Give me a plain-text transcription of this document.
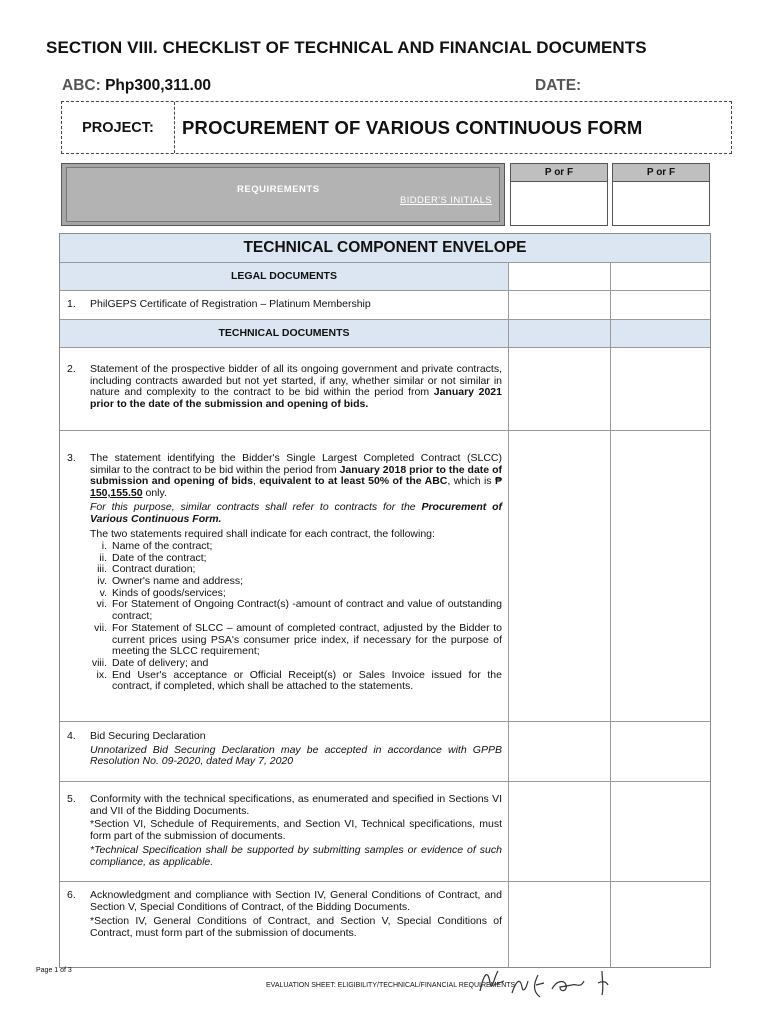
SECTION VIII. CHECKLIST OF TECHNICAL AND FINANCIAL DOCUMENTS
ABC: Php300,311.00	DATE:
PROJECT:	PROCUREMENT OF VARIOUS CONTINUOUS FORM
REQUIREMENTS
BIDDER'S INITIALS
P or F	P or F
TECHNICAL COMPONENT ENVELOPE
LEGAL DOCUMENTS
1. PhilGEPS Certificate of Registration – Platinum Membership
TECHNICAL DOCUMENTS
2. Statement of the prospective bidder of all its ongoing government and private contracts, including contracts awarded but not yet started, if any, whether similar or not similar in nature and complexity to the contract to be bid within the period from January 2021 prior to the date of the submission and opening of bids.
3. The statement identifying the Bidder's Single Largest Completed Contract (SLCC) similar to the contract to be bid within the period from January 2018 prior to the date of submission and opening of bids, equivalent to at least 50% of the ABC, which is ₱ 150,155.50 only.

For this purpose, similar contracts shall refer to contracts for the Procurement of Various Continuous Form.

The two statements required shall indicate for each contract, the following:

i. Name of the contract;
ii. Date of the contract;
iii. Contract duration;
iv. Owner's name and address;
v. Kinds of goods/services;
vi. For Statement of Ongoing Contract(s) -amount of contract and value of outstanding contract;
vii. For Statement of SLCC – amount of completed contract, adjusted by the Bidder to current prices using PSA's consumer price index, if necessary for the purpose of meeting the SLCC requirement;
viii. Date of delivery; and
ix. End User's acceptance or Official Receipt(s) or Sales Invoice issued for the contract, if completed, which shall be attached to the statements.
4. Bid Securing Declaration

Unnotarized Bid Securing Declaration may be accepted in accordance with GPPB Resolution No. 09-2020, dated May 7, 2020

5. Conformity with the technical specifications, as enumerated and specified in Sections VI and VII of the Bidding Documents.

*Section VI, Schedule of Requirements, and Section VI, Technical specifications, must form part of the submission of documents.

*Technical Specification shall be supported by submitting samples or evidence of such compliance, as applicable.

6. Acknowledgment and compliance with Section IV, General Conditions of Contract, and Section V, Special Conditions of Contract, of the Bidding Documents.

*Section IV, General Conditions of Contract, and Section V, Special Conditions of Contract, must form part of the submission of documents.

Page 1 of 3
EVALUATION SHEET: ELIGIBILITY/TECHNICAL/FINANCIAL REQUIREMENTS
